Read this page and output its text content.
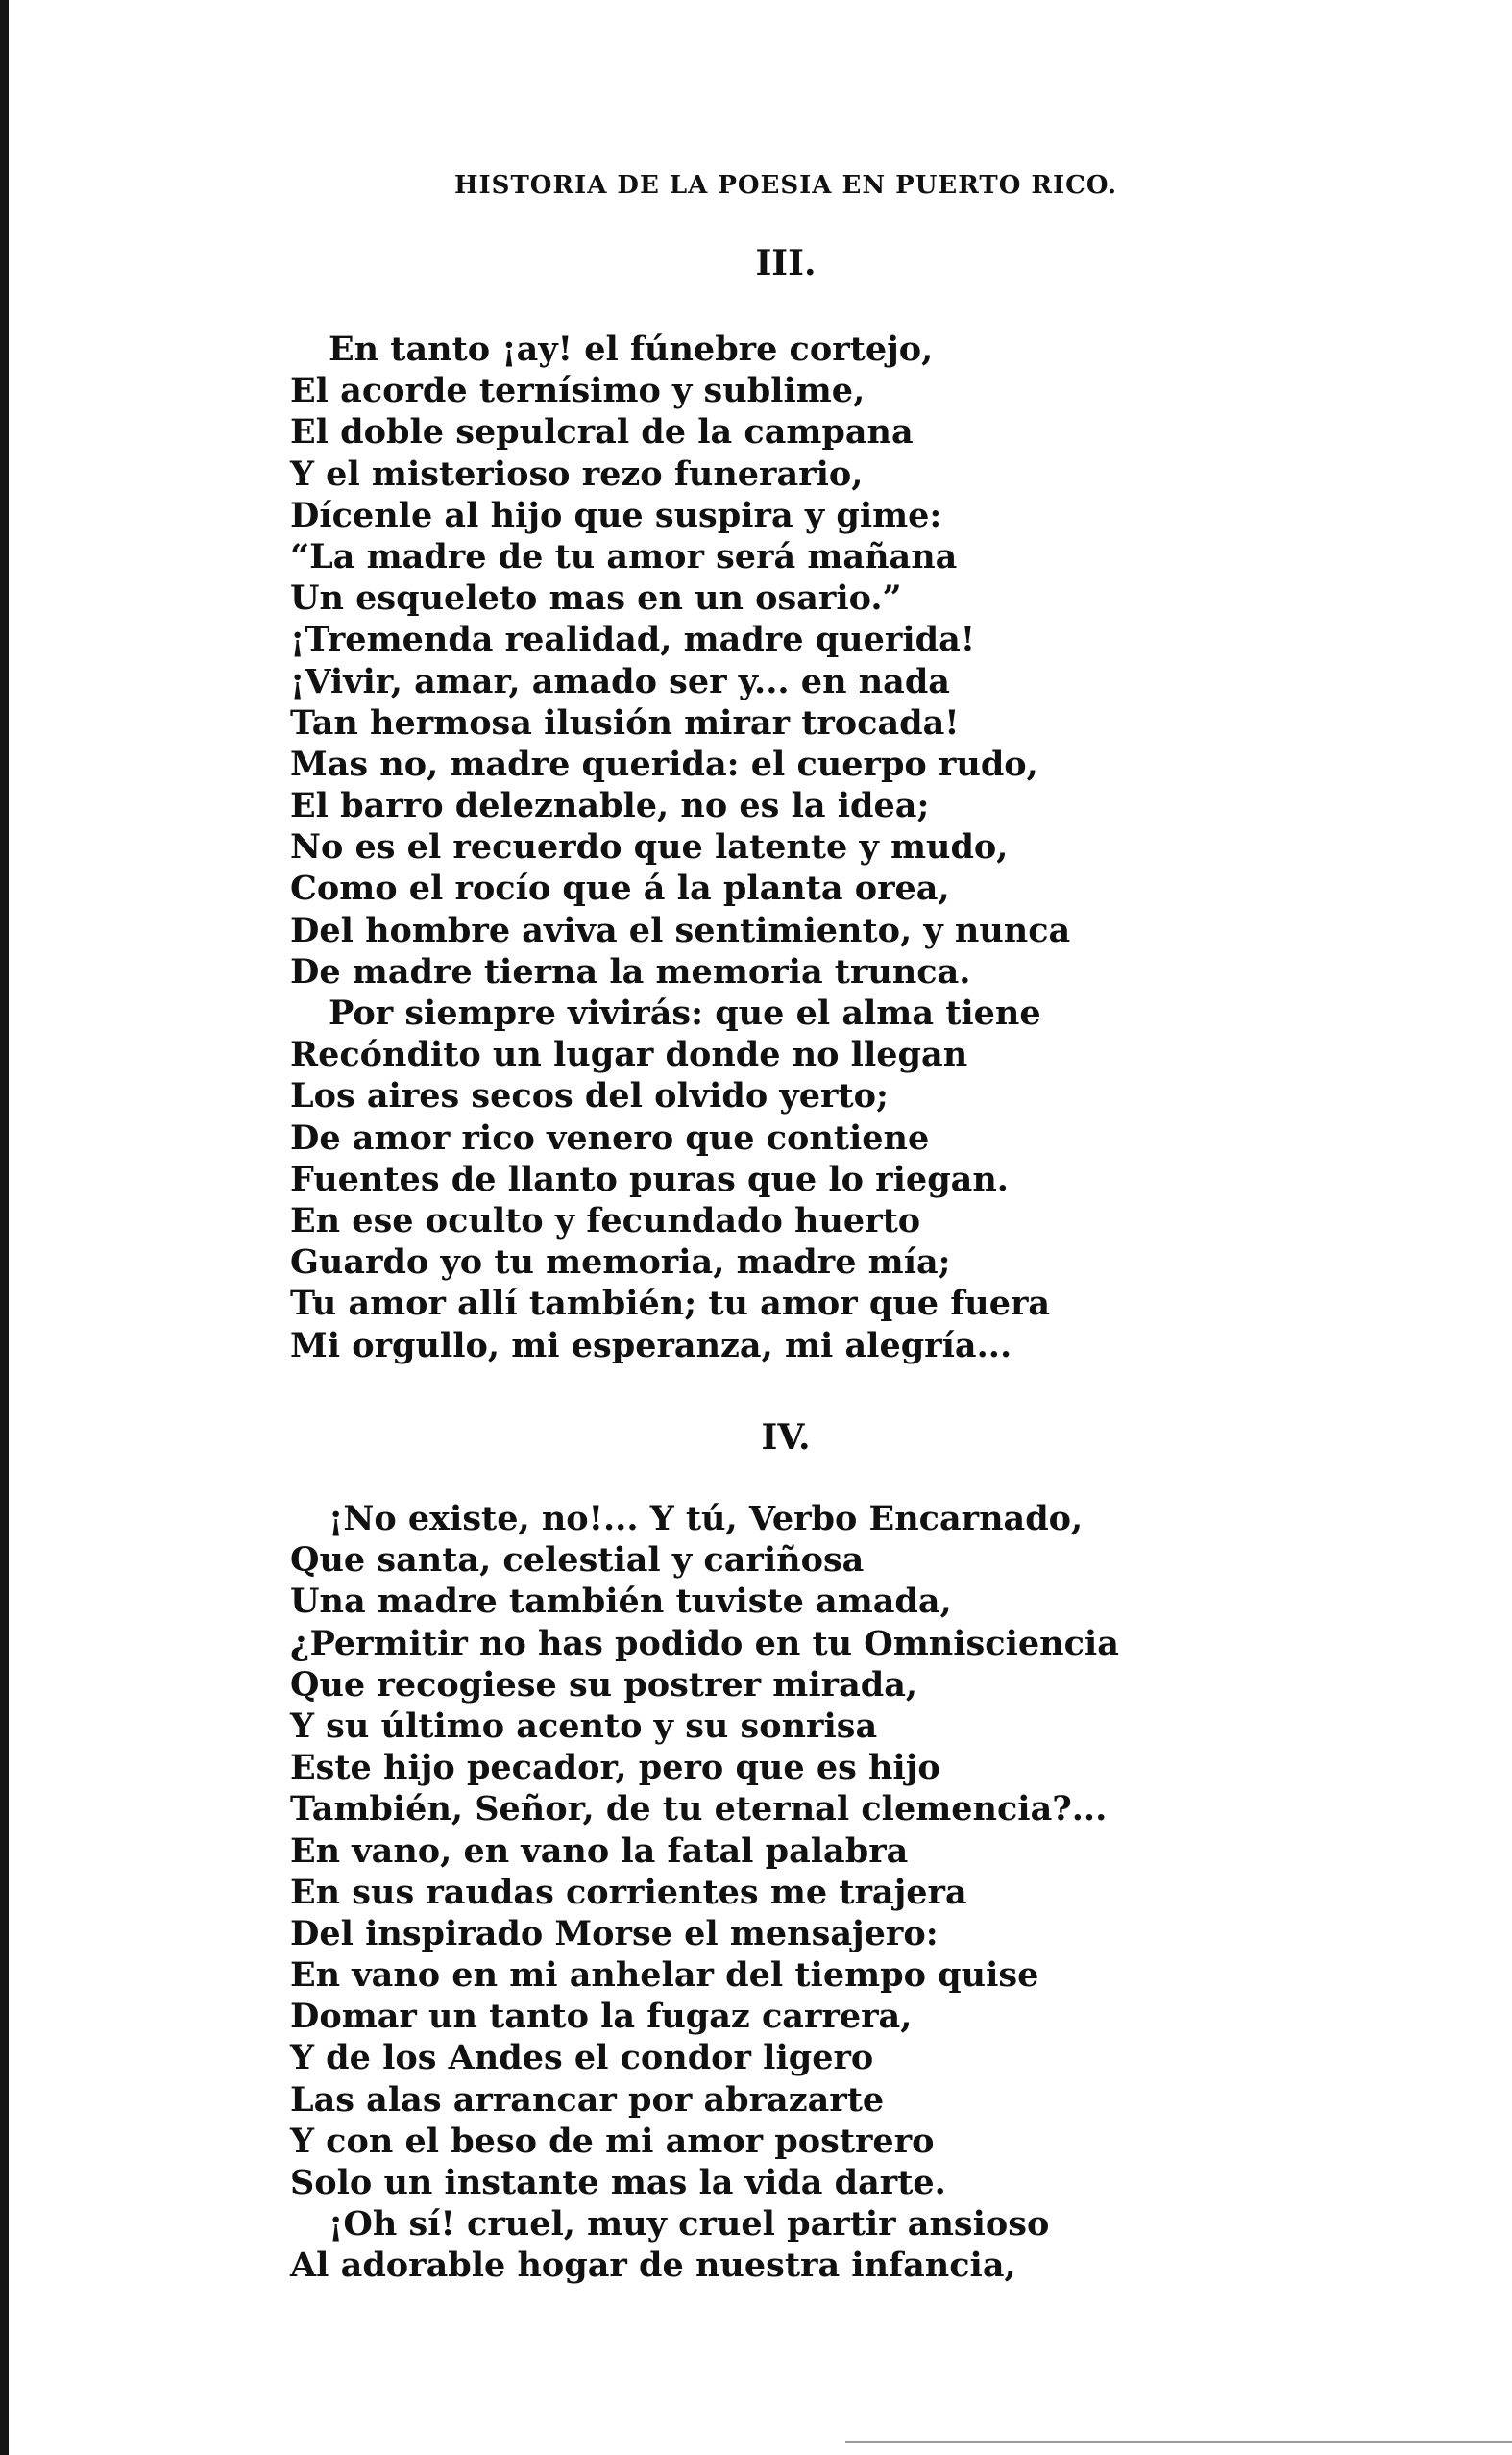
HISTORIA DE LA POESIA EN PUERTO RICO.
III.
En tanto ¡ay! el fúnebre cortejo,
El acorde ternísimo y sublime,
El doble sepulcral de la campana
Y el misterioso rezo funerario,
Dícenle al hijo que suspira y gime:
“La madre de tu amor será mañana
Un esqueleto mas en un osario.”
¡Tremenda realidad, madre querida!
¡Vivir, amar, amado ser y... en nada
Tan hermosa ilusión mirar trocada!
Mas no, madre querida: el cuerpo rudo,
El barro deleznable, no es la idea;
No es el recuerdo que latente y mudo,
Como el rocío que á la planta orea,
Del hombre aviva el sentimiento, y nunca
De madre tierna la memoria trunca.
Por siempre vivirás: que el alma tiene
Recóndito un lugar donde no llegan
Los aires secos del olvido yerto;
De amor rico venero que contiene
Fuentes de llanto puras que lo riegan.
En ese oculto y fecundado huerto
Guardo yo tu memoria, madre mía;
Tu amor allí también; tu amor que fuera
Mi orgullo, mi esperanza, mi alegría...
IV.
¡No existe, no!... Y tú, Verbo Encarnado,
Que santa, celestial y cariñosa
Una madre también tuviste amada,
¿Permitir no has podido en tu Omnisciencia
Que recogiese su postrer mirada,
Y su último acento y su sonrisa
Este hijo pecador, pero que es hijo
También, Señor, de tu eternal clemencia?...
En vano, en vano la fatal palabra
En sus raudas corrientes me trajera
Del inspirado Morse el mensajero:
En vano en mi anhelar del tiempo quise
Domar un tanto la fugaz carrera,
Y de los Andes el condor ligero
Las alas arrancar por abrazarte
Y con el beso de mi amor postrero
Solo un instante mas la vida darte.
¡Oh sí! cruel, muy cruel partir ansioso
Al adorable hogar de nuestra infancia,
